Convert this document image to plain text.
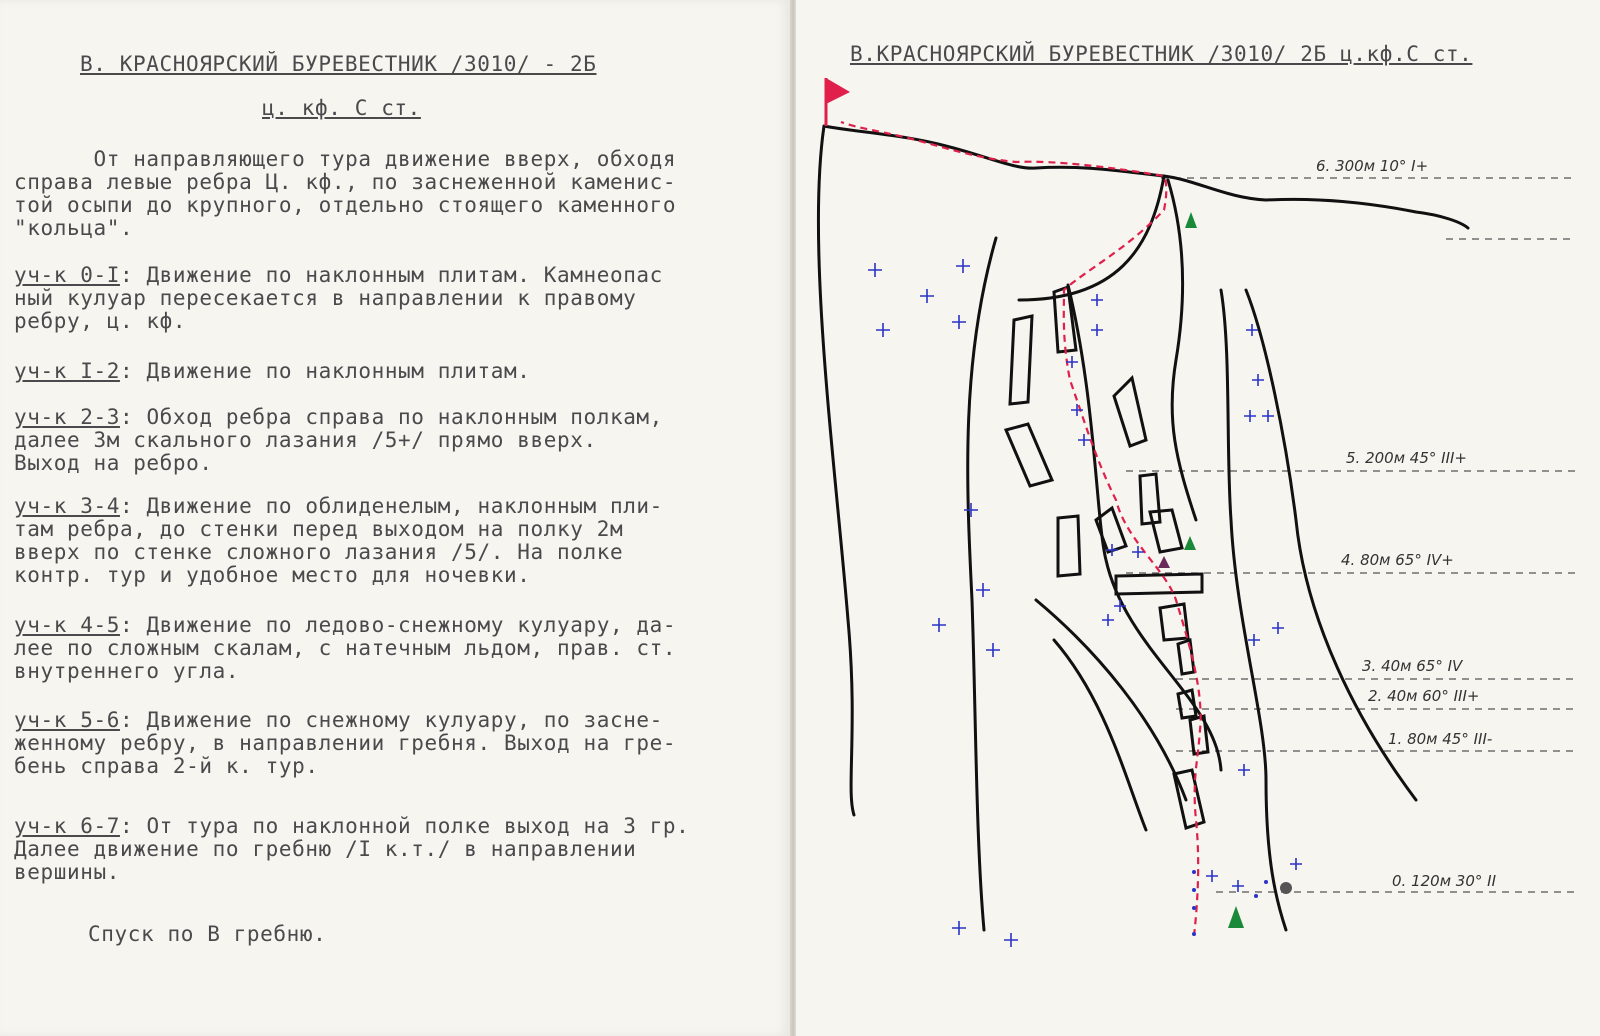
В. КРАСНОЯРСКИЙ БУРЕВЕСТНИК /3010/ - 2Б
ц. кф. С ст.
От направляющего тура движение вверх, обходя
справа левые ребра Ц. кф., по заснеженной каменис-
той осыпи до крупного, отдельно стоящего каменного
"кольца".
уч-к 0-I: Движение по наклонным плитам. Камнеопас
ный кулуар пересекается в направлении к правому
ребру, ц. кф.
уч-к I-2: Движение по наклонным плитам.
уч-к 2-3: Обход ребра справа по наклонным полкам,
далее 3м скального лазания /5+/ прямо вверх.
Выход на ребро.
уч-к 3-4: Движение по облиденелым, наклонным пли-
там ребра, до стенки перед выходом на полку 2м
вверх по стенке сложного лазания /5/. На полке
контр. тур и удобное место для ночевки.
уч-к 4-5: Движение по ледово-снежному кулуару, да-
лее по сложным скалам, с натечным льдом, прав. ст.
внутреннего угла.
уч-к 5-6: Движение по снежному кулуару, по засне-
женному ребру, в направлении гребня. Выход на гре-
бень справа 2-й к. тур.
уч-к 6-7: От тура по наклонной полке выход на 3 гр.
Далее движение по гребню /I к.т./ в направлении
вершины.
Спуск по В гребню.
6. 300м 10° I+
5. 200м 45° III+
4. 80м 65° IV+
3. 40м 65° IV
2. 40м 60° III+
1. 80м 45° III-
0. 120м 30° II
В.КРАСНОЯРСКИЙ БУРЕВЕСТНИК /3010/ 2Б ц.кф.С ст.
